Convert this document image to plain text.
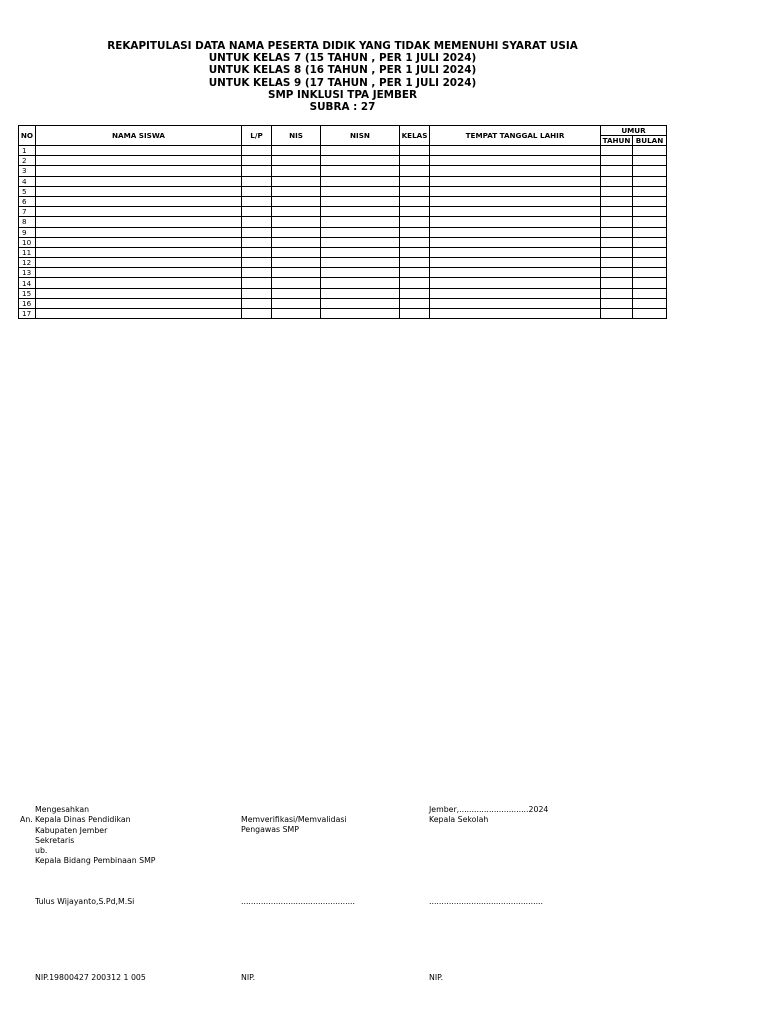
REKAPITULASI DATA NAMA PESERTA DIDIK YANG TIDAK MEMENUHI SYARAT USIA
UNTUK KELAS 7 (15 TAHUN , PER 1 JULI 2024)
UNTUK KELAS 8 (16 TAHUN , PER 1 JULI 2024)
UNTUK KELAS 9 (17 TAHUN , PER 1 JULI 2024)
SMP INKLUSI TPA JEMBER
SUBRA : 27
NO	NAMA SISWA	L/P	NIS	NISN	KELAS	TEMPAT TANGGAL LAHIR	UMUR	
							TAHUN	BULAN
1								
2								
3								
4								
5								
6								
7								
8								
9								
10								
11								
12								
13								
14								
15								
16								
17								
An.
Mengesahkan
Kepala Dinas Pendidikan
Kabupaten Jember
Sekretaris
ub.
Kepala Bidang Pembinaan SMP
Tulus Wijayanto,S.Pd,M.Si
NIP.19800427 200312 1 005
Memverifikasi/Memvalidasi
Pengawas SMP
..............................................
NIP.
Jember,............................2024
Kepala Sekolah
..............................................
NIP.
